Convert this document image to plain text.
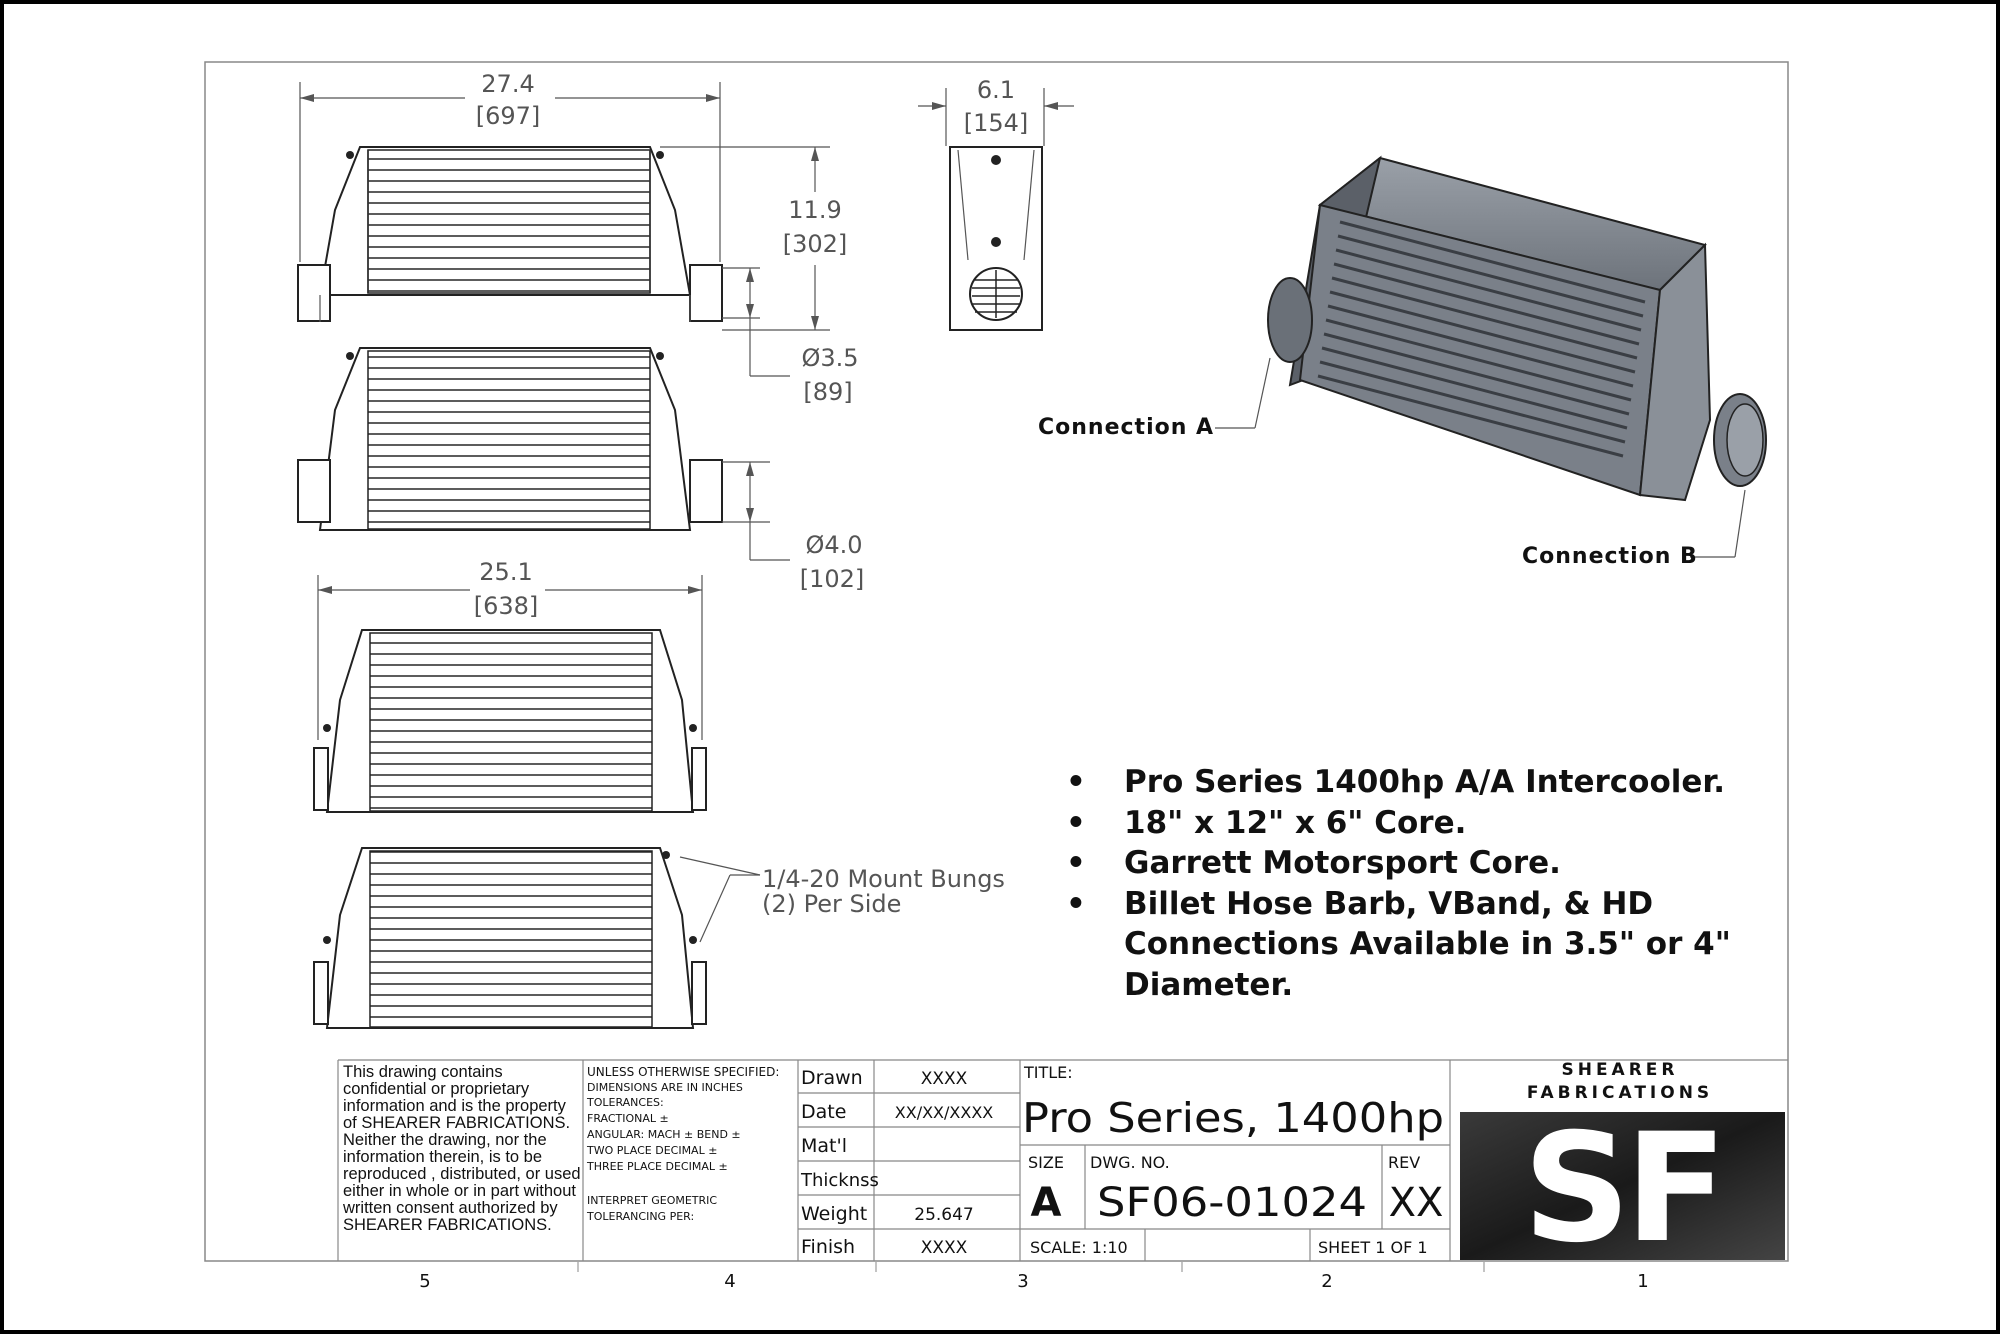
27.4
[697]
6.1
[154]
11.9
[302]
Ø3.5
[89]
Ø4.0
[102]
25.1
[638]
1/4-20 Mount Bungs
(2) Per Side
UNLESS OTHERWISE SPECIFIED:
DIMENSIONS ARE IN INCHES
TOLERANCES:
FRACTIONAL ±
ANGULAR: MACH ± BEND ±
TWO PLACE DECIMAL ±
THREE PLACE DECIMAL ±
INTERPRET GEOMETRIC
TOLERANCING PER:
Drawn	XXXX
Date	XX/XX/XXXX
Mat'l
Thicknss
Weight	25.647
Finish	XXXX
TITLE:
Pro Series, 1400hp
SIZE
A
DWG. NO.
SF06-01024
REV
XX
SCALE: 1:10	SHEET 1 OF 1
SHEARER
FABRICATIONS
SF
5	4	3	2	1
Connection A
Connection B
• Pro Series 1400hp A/A Intercooler.
• 18" x 12" x 6" Core.
• Garrett Motorsport Core.
• Billet Hose Barb, VBand, & HD Connections Available in 3.5" or 4" Diameter.
This drawing contains confidential or proprietary information and is the property of SHEARER FABRICATIONS. Neither the drawing, nor the information therein, is to be reproduced , distributed, or used either in whole or in part without written consent authorized by SHEARER FABRICATIONS.
